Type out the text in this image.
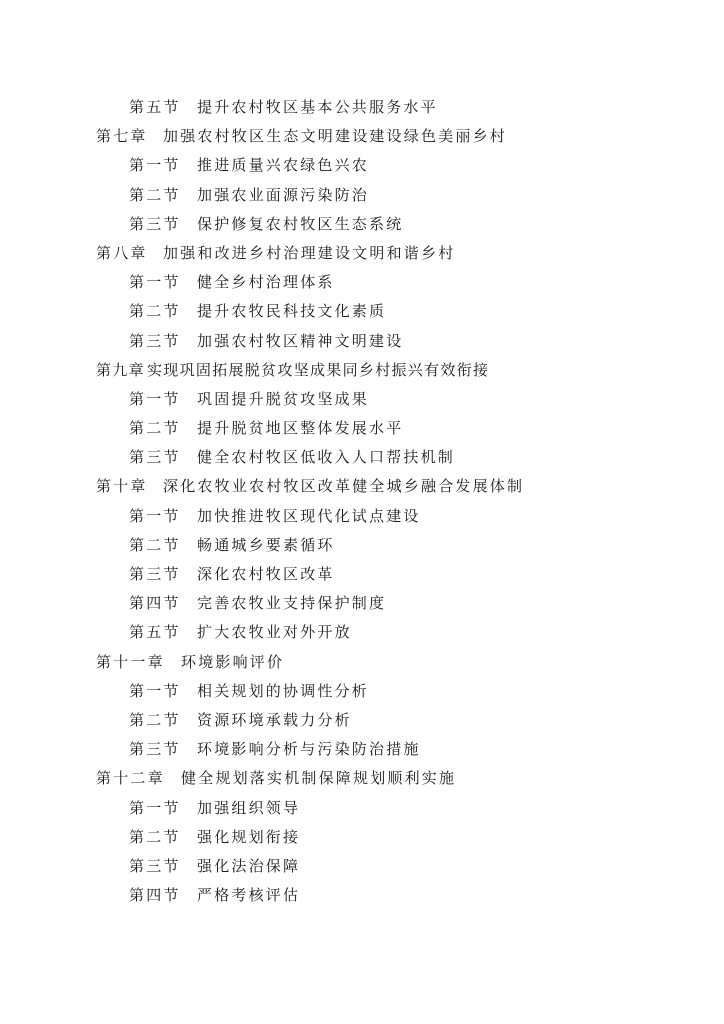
第五节 提升农村牧区基本公共服务水平
第七章 加强农村牧区生态文明建设建设绿色美丽乡村
第一节 推进质量兴农绿色兴农
第二节 加强农业面源污染防治
第三节 保护修复农村牧区生态系统
第八章 加强和改进乡村治理建设文明和谐乡村
第一节 健全乡村治理体系
第二节 提升农牧民科技文化素质
第三节 加强农村牧区精神文明建设
第九章 实现巩固拓展脱贫攻坚成果同乡村振兴有效衔接
第一节 巩固提升脱贫攻坚成果
第二节 提升脱贫地区整体发展水平
第三节 健全农村牧区低收入人口帮扶机制
第十章 深化农牧业农村牧区改革健全城乡融合发展体制
第一节 加快推进牧区现代化试点建设
第二节 畅通城乡要素循环
第三节 深化农村牧区改革
第四节 完善农牧业支持保护制度
第五节 扩大农牧业对外开放
第十一章 环境影响评价
第一节 相关规划的协调性分析
第二节 资源环境承载力分析
第三节 环境影响分析与污染防治措施
第十二章 健全规划落实机制保障规划顺利实施
第一节 加强组织领导
第二节 强化规划衔接
第三节 强化法治保障
第四节 严格考核评估
